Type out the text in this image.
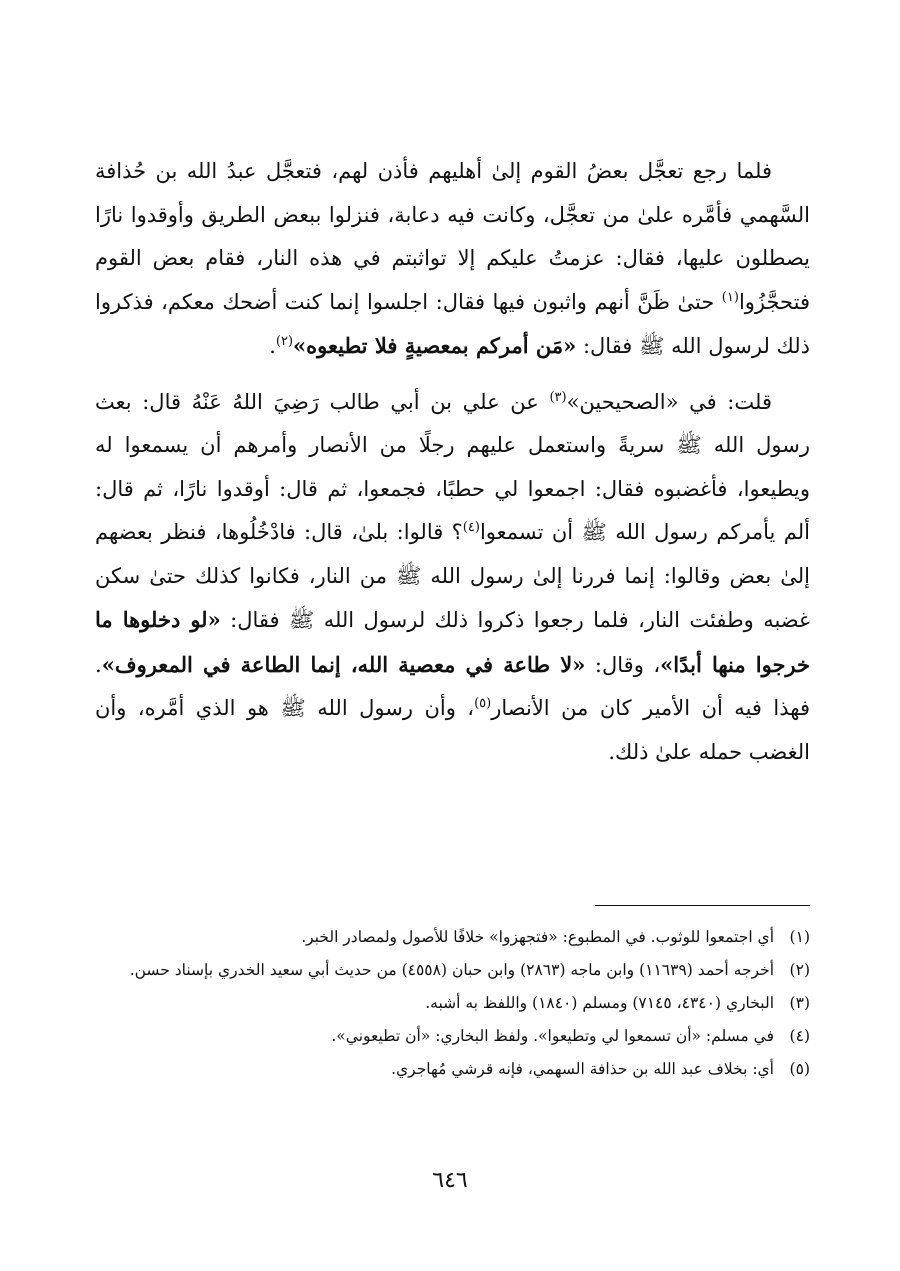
فلما رجع تعجَّل بعضُ القوم إلىٰ أهليهم فأذن لهم، فتعجَّل عبدُ الله بن حُذافة السَّهمي فأمَّره علىٰ من تعجَّل، وكانت فيه دعابة، فنزلوا ببعض الطريق وأوقدوا نارًا يصطلون عليها، فقال: عزمتُ عليكم إلا تواثبتم في هذه النار، فقام بعض القوم فتحجَّزُوا$^{(١)}$ حتىٰ ظَنَّ أنهم واثبون فيها فقال: اجلسوا إنما كنت أضحك معكم، فذكروا ذلك لرسول الله ﷺ فقال: «مَن أمركم بمعصيةٍ فلا تطيعوه»$^{(٢)}$.

قلت: في «الصحيحين»$^{(٣)}$ عن علي بن أبي طالب رَضِيَ اللهُ عَنْهُ قال: بعث رسول الله ﷺ سريةً واستعمل عليهم رجلًا من الأنصار وأمرهم أن يسمعوا له ويطيعوا، فأغضبوه فقال: اجمعوا لي حطبًا، فجمعوا، ثم قال: أوقدوا نارًا، ثم قال: ألم يأمركم رسول الله ﷺ أن تسمعوا$^{(٤)}$؟ قالوا: بلىٰ، قال: فادْخُلُوها، فنظر بعضهم إلىٰ بعض وقالوا: إنما فررنا إلىٰ رسول الله ﷺ من النار، فكانوا كذلك حتىٰ سكن غضبه وطفئت النار، فلما رجعوا ذكروا ذلك لرسول الله ﷺ فقال: «لو دخلوها ما خرجوا منها أبدًا»، وقال: «لا طاعة في معصية الله، إنما الطاعة في المعروف». فهذا فيه أن الأمير كان من الأنصار$^{(٥)}$، وأن رسول الله ﷺ هو الذي أمَّره، وأن الغضب حمله علىٰ ذلك.

(١)
أي اجتمعوا للوثوب. في المطبوع: «فتجهزوا» خلافًا للأصول ولمصادر الخبر.
(٢)
أخرجه أحمد (١١٦٣٩) وابن ماجه (٢٨٦٣) وابن حبان (٤٥٥٨) من حديث أبي سعيد الخدري بإسناد حسن.
(٣)
البخاري (٤٣٤٠، ٧١٤٥) ومسلم (١٨٤٠) واللفظ به أشبه.
(٤)
في مسلم: «أن تسمعوا لي وتطيعوا». ولفظ البخاري: «أن تطيعوني».
(٥)
أي: بخلاف عبد الله بن حذافة السهمي، فإنه قرشي مُهاجري.
٦٤٦
